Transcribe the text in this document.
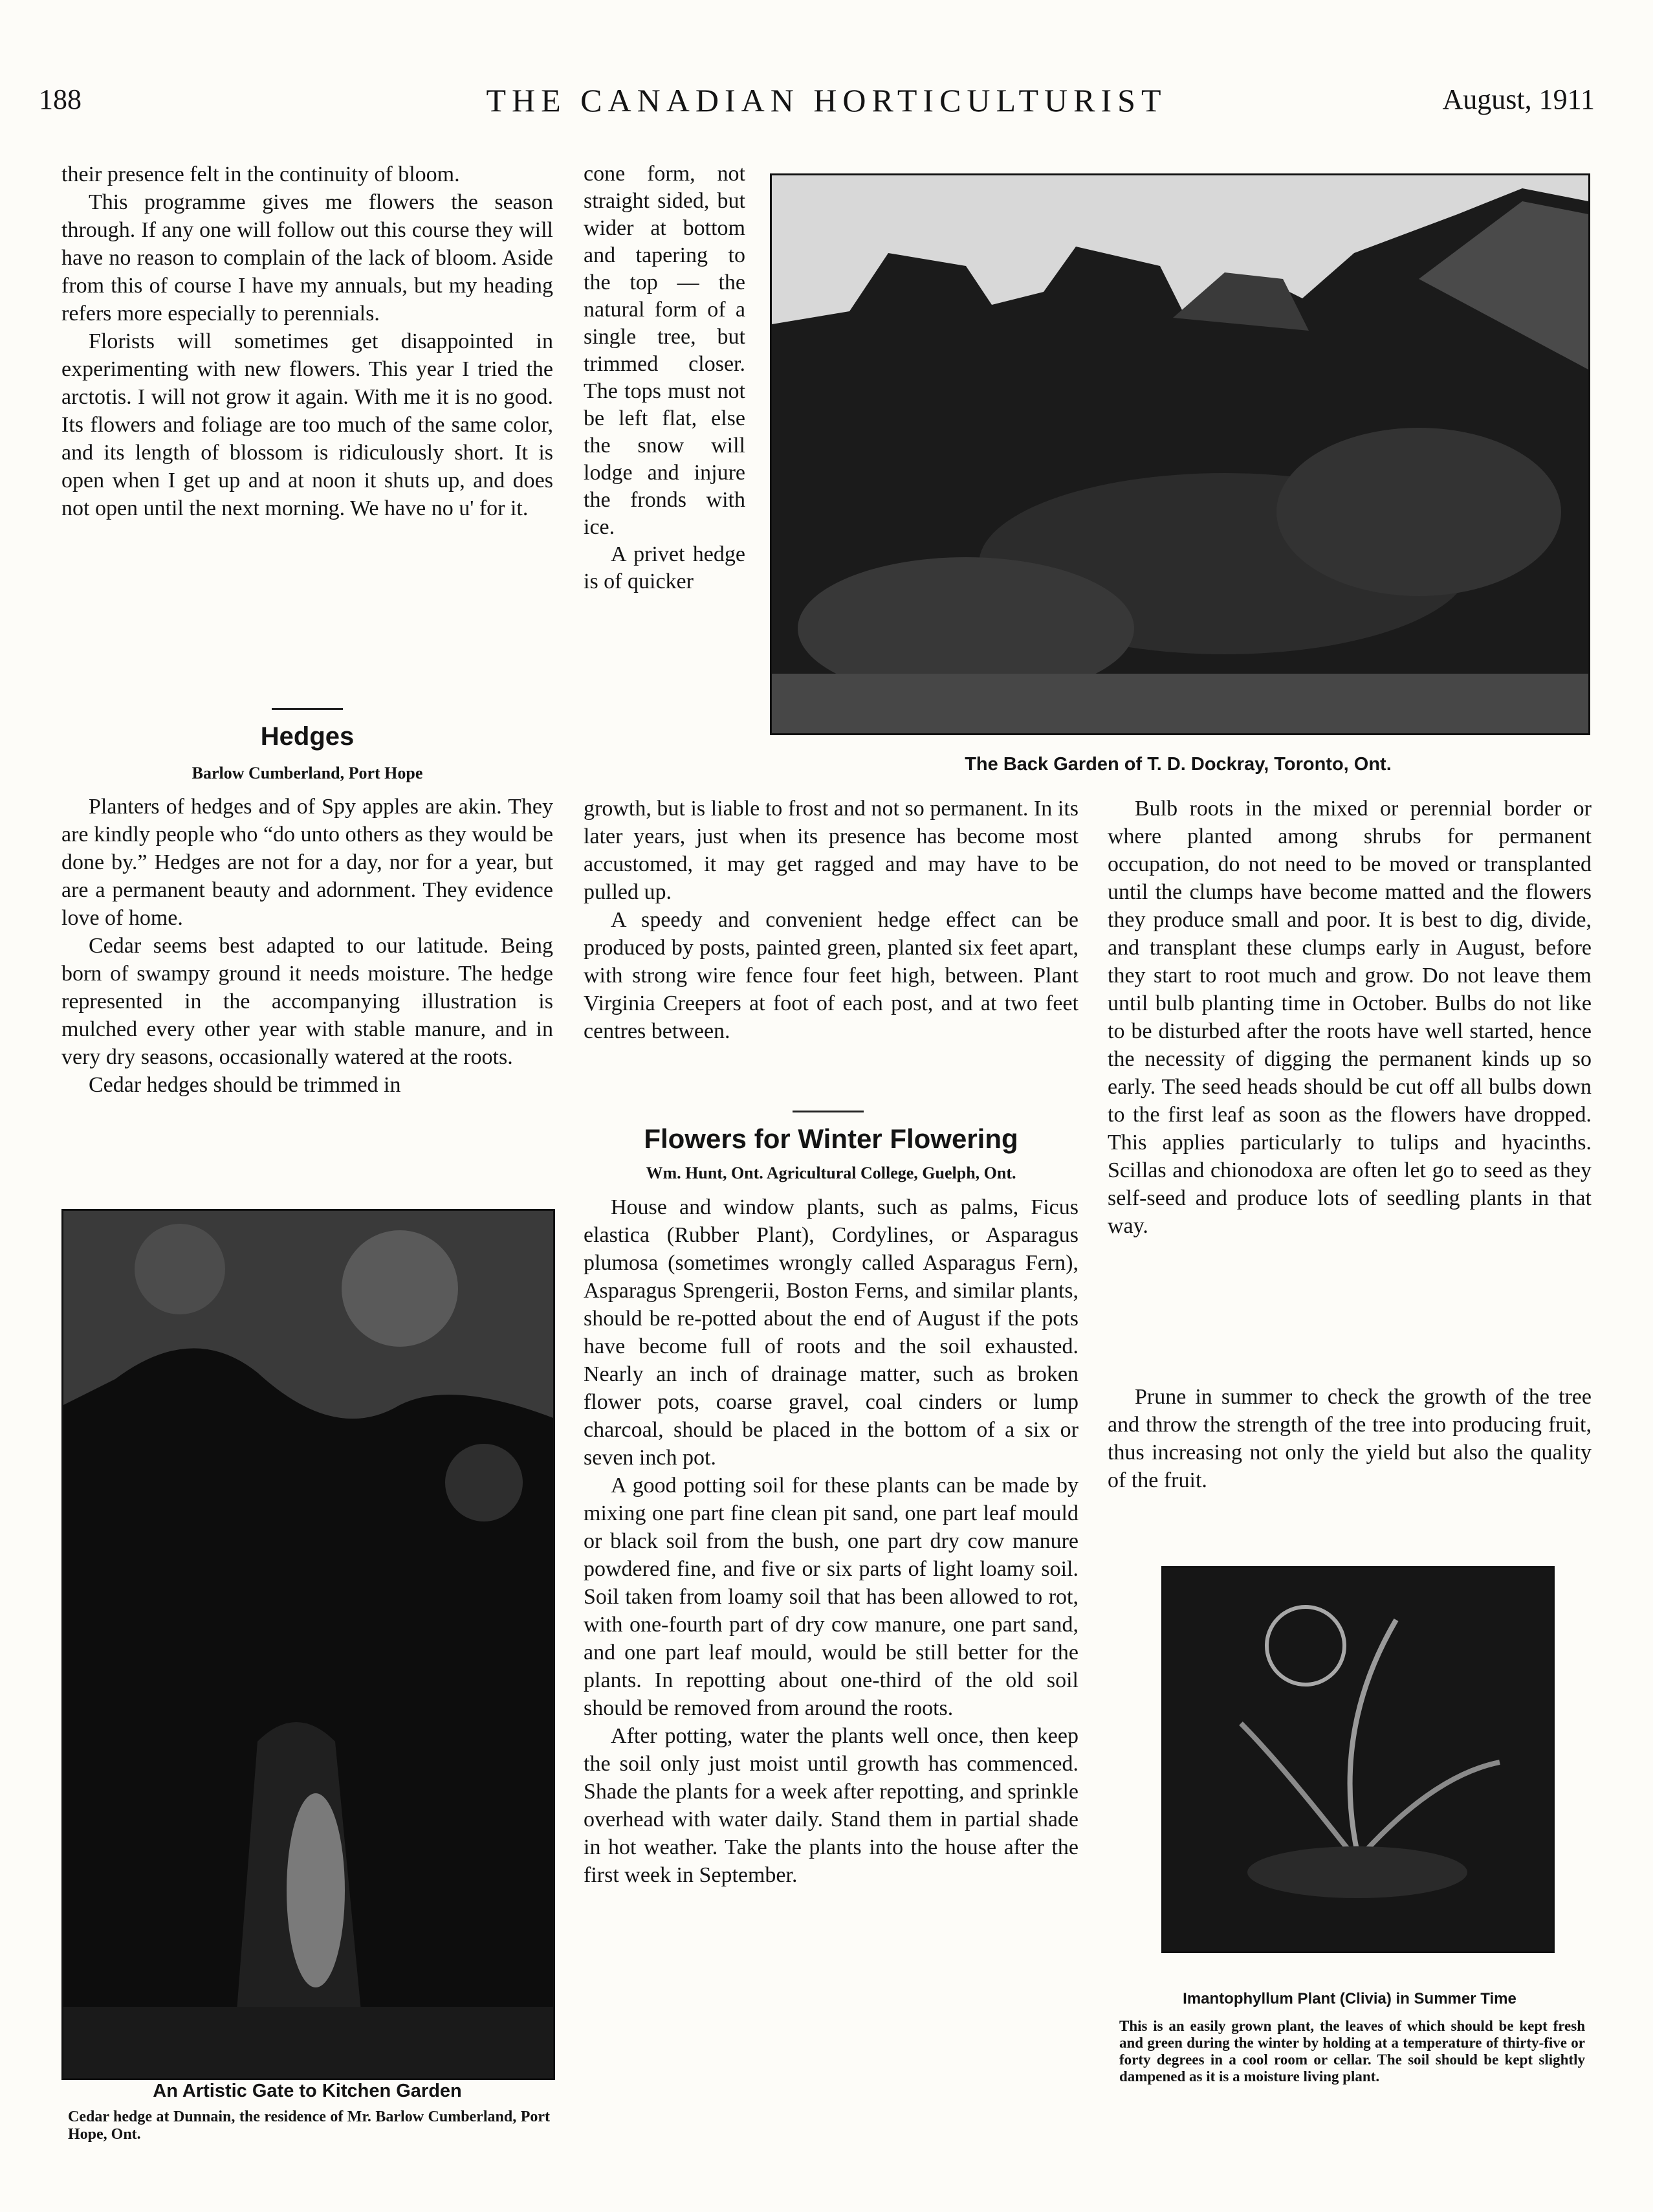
188	THE CANADIAN HORTICULTURIST	August, 1911

their presence felt in the continuity of bloom.

This programme gives me flowers the season through. If any one will follow out this course they will have no reason to complain of the lack of bloom. Aside from this of course I have my annuals, but my heading refers more especially to perennials.

Florists will sometimes get disappointed in experimenting with new flowers. This year I tried the arctotis. I will not grow it again. With me it is no good. Its flowers and foliage are too much of the same color, and its length of blossom is ridiculously short. It is open when I get up and at noon it shuts up, and does not open until the next morning. We have no u' for it.

Hedges
Barlow Cumberland, Port Hope

Planters of hedges and of Spy apples are akin. They are kindly people who “do unto others as they would be done by.” Hedges are not for a day, nor for a year, but are a permanent beauty and adornment. They evidence love of home.

Cedar seems best adapted to our latitude. Being born of swampy ground it needs moisture. The hedge represented in the accompanying illustration is mulched every other year with stable manure, and in very dry seasons, occasionally watered at the roots.

Cedar hedges should be trimmed in

An Artistic Gate to Kitchen Garden
Cedar hedge at Dunnain, the residence of Mr. Barlow Cumberland, Port Hope, Ont.

cone form, not straight sided, but wider at bottom and tapering to the top — the natural form of a single tree, but trimmed closer. The tops must not be left flat, else the snow will lodge and injure the fronds with ice.

A privet hedge is of quicker

growth, but is liable to frost and not so permanent. In its later years, just when its presence has become most accustomed, it may get ragged and may have to be pulled up.

A speedy and convenient hedge effect can be produced by posts, painted green, planted six feet apart, with strong wire fence four feet high, between. Plant Virginia Creepers at foot of each post, and at two feet centres between.

Flowers for Winter Flowering
Wm. Hunt, Ont. Agricultural College, Guelph, Ont.

House and window plants, such as palms, Ficus elastica (Rubber Plant), Cordylines, or Asparagus plumosa (sometimes wrongly called Asparagus Fern), Asparagus Sprengerii, Boston Ferns, and similar plants, should be re-potted about the end of August if the pots have become full of roots and the soil exhausted. Nearly an inch of drainage matter, such as broken flower pots, coarse gravel, coal cinders or lump charcoal, should be placed in the bottom of a six or seven inch pot.

A good potting soil for these plants can be made by mixing one part fine clean pit sand, one part leaf mould or black soil from the bush, one part dry cow manure powdered fine, and five or six parts of light loamy soil. Soil taken from loamy soil that has been allowed to rot, with one-fourth part of dry cow manure, one part sand, and one part leaf mould, would be still better for the plants. In repotting about one-third of the old soil should be removed from around the roots.

After potting, water the plants well once, then keep the soil only just moist until growth has commenced. Shade the plants for a week after repotting, and sprinkle overhead with water daily. Stand them in partial shade in hot weather. Take the plants into the house after the first week in September.

The Back Garden of T. D. Dockray, Toronto, Ont.

Bulb roots in the mixed or perennial border or where planted among shrubs for permanent occupation, do not need to be moved or transplanted until the clumps have become matted and the flowers they produce small and poor. It is best to dig, divide, and transplant these clumps early in August, before they start to root much and grow. Do not leave them until bulb planting time in October. Bulbs do not like to be disturbed after the roots have well started, hence the necessity of digging the permanent kinds up so early. The seed heads should be cut off all bulbs down to the first leaf as soon as the flowers have dropped. This applies particularly to tulips and hyacinths. Scillas and chionodoxa are often let go to seed as they self-seed and produce lots of seedling plants in that way.

Prune in summer to check the growth of the tree and throw the strength of the tree into producing fruit, thus increasing not only the yield but also the quality of the fruit.

Imantophyllum Plant (Clivia) in Summer Time
This is an easily grown plant, the leaves of which should be kept fresh and green during the winter by holding at a temperature of thirty-five or forty degrees in a cool room or cellar. The soil should be kept slightly dampened as it is a moisture living plant.
